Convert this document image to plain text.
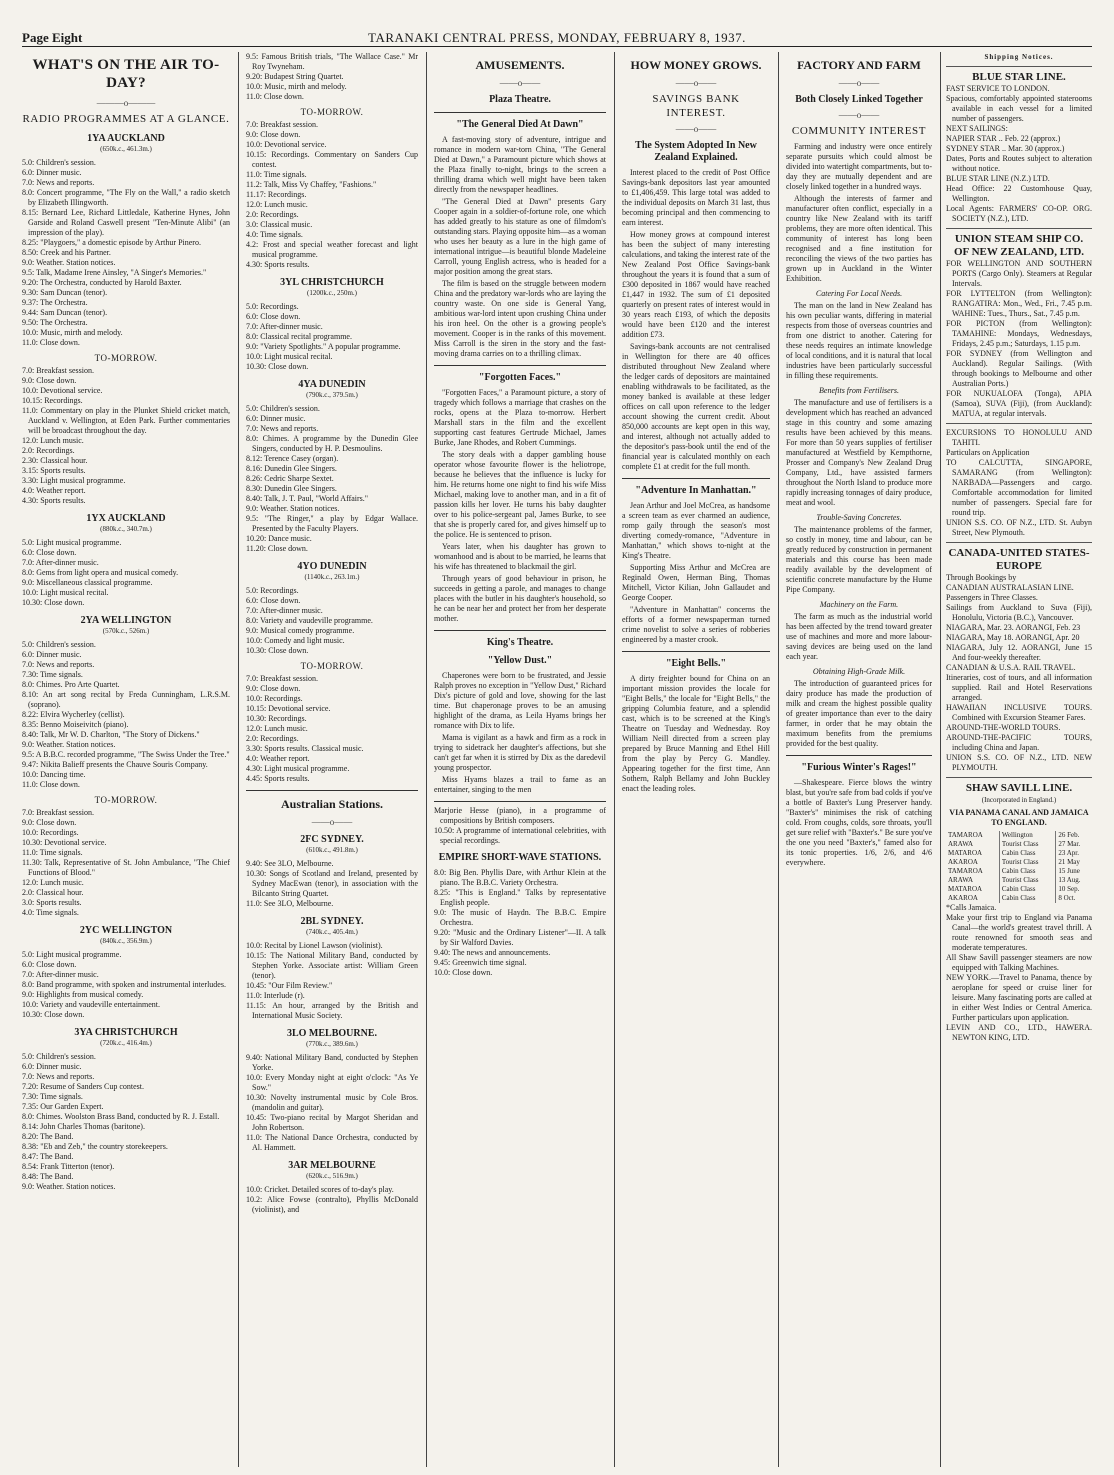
Page Eight	TARANAKI CENTRAL PRESS, MONDAY, FEBRUARY 8, 1937.
WHAT'S ON THE AIR TO-DAY?
———o———
RADIO PROGRAMMES AT A GLANCE.
1YA AUCKLAND
(650k.c., 461.3m.)
5.0: Children's session.
6.0: Dinner music.
7.0: News and reports.
8.0: Concert programme, "The Fly on the Wall," a radio sketch by Elizabeth Illingworth.
8.15: Bernard Lee, Richard Littledale, Katherine Hynes, John Garside and Roland Caswell present "Ten-Minute Alibi" (an impression of the play).
8.25: "Playgoers," a domestic episode by Arthur Pinero.
8.50: Creek and his Partner.
9.0: Weather. Station notices.
9.5: Talk, Madame Irene Ainsley, "A Singer's Memories."
9.20: The Orchestra, conducted by Harold Baxter.
9.30: Sam Duncan (tenor).
9.37: The Orchestra.
9.44: Sam Duncan (tenor).
9.50: The Orchestra.
10.0: Music, mirth and melody.
11.0: Close down.
TO-MORROW.
7.0: Breakfast session.
9.0: Close down.
10.0: Devotional service.
10.15: Recordings.
11.0: Commentary on play in the Plunket Shield cricket match, Auckland v. Wellington, at Eden Park. Further commentaries will be broadcast throughout the day.
12.0: Lunch music.
2.0: Recordings.
2.30: Classical hour.
3.15: Sports results.
3.30: Light musical programme.
4.0: Weather report.
4.30: Sports results.
1YX AUCKLAND
(880k.c., 340.7m.)
5.0: Light musical programme.
6.0: Close down.
7.0: After-dinner music.
8.0: Gems from light opera and musical comedy.
9.0: Miscellaneous classical programme.
10.0: Light musical recital.
10.30: Close down.
2YA WELLINGTON
(570k.c., 526m.)
5.0: Children's session.
6.0: Dinner music.
7.0: News and reports.
7.30: Time signals.
8.0: Chimes. Pro Arte Quartet.
8.10: An art song recital by Freda Cunningham, L.R.S.M. (soprano).
8.22: Elvira Wycherley (cellist).
8.35: Benno Moiseivitch (piano).
8.40: Talk, Mr W. D. Charlton, "The Story of Dickens."
9.0: Weather. Station notices.
9.5: A B.B.C. recorded programme, "The Swiss Under the Tree."
9.47: Nikita Balieff presents the Chauve Souris Company.
10.0: Dancing time.
11.0: Close down.
TO-MORROW.
7.0: Breakfast session.
9.0: Close down.
10.0: Recordings.
10.30: Devotional service.
11.0: Time signals.
11.30: Talk, Representative of St. John Ambulance, "The Chief Functions of Blood."
12.0: Lunch music.
2.0: Classical hour.
3.0: Sports results.
4.0: Time signals.
2YC WELLINGTON
(840k.c., 356.9m.)
5.0: Light musical programme.
6.0: Close down.
7.0: After-dinner music.
8.0: Band programme, with spoken and instrumental interludes.
9.0: Highlights from musical comedy.
10.0: Variety and vaudeville entertainment.
10.30: Close down.
3YA CHRISTCHURCH
(720k.c., 416.4m.)
5.0: Children's session.
6.0: Dinner music.
7.0: News and reports.
7.20: Resume of Sanders Cup contest.
7.30: Time signals.
7.35: Our Garden Expert.
8.0: Chimes. Woolston Brass Band, conducted by R. J. Estall.
8.14: John Charles Thomas (baritone).
8.20: The Band.
8.38: "Eb and Zeb," the country storekeepers.
8.47: The Band.
8.54: Frank Titterton (tenor).
8.48: The Band.
9.0: Weather. Station notices.
9.5: Famous British trials, "The Wallace Case." Mr Roy Twyneham.
9.20: Budapest String Quartet.
10.0: Music, mirth and melody.
11.0: Close down.
TO-MORROW.
7.0: Breakfast session.
9.0: Close down.
10.0: Devotional service.
10.15: Recordings. Commentary on Sanders Cup contest.
11.0: Time signals.
11.2: Talk, Miss Vy Chaffey, "Fashions."
11.17: Recordings.
12.0: Lunch music.
2.0: Recordings.
3.0: Classical music.
4.0: Time signals.
4.2: Frost and special weather forecast and light musical programme.
4.30: Sports results.
3YL CHRISTCHURCH
(1200k.c., 250m.)
5.0: Recordings.
6.0: Close down.
7.0: After-dinner music.
8.0: Classical recital programme.
9.0: "Variety Spotlights." A popular programme.
10.0: Light musical recital.
10.30: Close down.
4YA DUNEDIN
(790k.c., 379.5m.)
5.0: Children's session.
6.0: Dinner music.
7.0: News and reports.
8.0: Chimes. A programme by the Dunedin Glee Singers, conducted by H. P. Desmoulins.
8.12: Terence Casey (organ).
8.16: Dunedin Glee Singers.
8.26: Cedric Sharpe Sextet.
8.30: Dunedin Glee Singers.
8.40: Talk, J. T. Paul, "World Affairs."
9.0: Weather. Station notices.
9.5: "The Ringer," a play by Edgar Wallace. Presented by the Faculty Players.
10.20: Dance music.
11.20: Close down.
4YO DUNEDIN
(1140k.c., 263.1m.)
5.0: Recordings.
6.0: Close down.
7.0: After-dinner music.
8.0: Variety and vaudeville programme.
9.0: Musical comedy programme.
10.0: Comedy and light music.
10.30: Close down.
TO-MORROW.
7.0: Breakfast session.
9.0: Close down.
10.0: Recordings.
10.15: Devotional service.
10.30: Recordings.
12.0: Lunch music.
2.0: Recordings.
3.30: Sports results. Classical music.
4.0: Weather report.
4.30: Light musical programme.
4.45: Sports results.
Australian Stations.
——o——
2FC SYDNEY.
(610k.c., 491.8m.)
9.40: See 3LO, Melbourne.
10.30: Songs of Scotland and Ireland, presented by Sydney MacEwan (tenor), in association with the Bilcanto String Quartet.
11.0: See 3LO, Melbourne.
2BL SYDNEY.
(740k.c., 405.4m.)
10.0: Recital by Lionel Lawson (violinist).
10.15: The National Military Band, conducted by Stephen Yorke. Associate artist: William Green (tenor).
10.45: "Our Film Review."
11.0: Interlude (r).
11.15: An hour, arranged by the British and International Music Society.
3LO MELBOURNE.
(770k.c., 389.6m.)
9.40: National Military Band, conducted by Stephen Yorke.
10.0: Every Monday night at eight o'clock: "As Ye Sow."
10.30: Novelty instrumental music by Cole Bros. (mandolin and guitar).
10.45: Two-piano recital by Margot Sheridan and John Robertson.
11.0: The National Dance Orchestra, conducted by Al. Hammett.
3AR MELBOURNE
(620k.c., 516.9m.)
10.0: Cricket. Detailed scores of to-day's play.
10.2: Alice Fowse (contralto), Phyllis McDonald (violinist), and
AMUSEMENTS.
——o——
Plaza Theatre.
"The General Died At Dawn"
A fast-moving story of adventure, intrigue and romance in modern war-torn China, "The General Died at Dawn," a Paramount picture which shows at the Plaza finally to-night, brings to the screen a thrilling drama which well might have been taken directly from the newspaper headlines.
"The General Died at Dawn" presents Gary Cooper again in a soldier-of-fortune role, one which has added greatly to his stature as one of filmdom's outstanding stars. Playing opposite him—as a woman who uses her beauty as a lure in the high game of international intrigue—is beautiful blonde Madeleine Carroll, young English actress, who is headed for a major position among the great stars.
The film is based on the struggle between modern China and the predatory war-lords who are laying the country waste. On one side is General Yang, ambitious war-lord intent upon crushing China under his iron heel. On the other is a growing people's movement. Cooper is in the ranks of this movement. Miss Carroll is the siren in the story and the fast-moving drama carries on to a thrilling climax.
"Forgotten Faces."
"Forgotten Faces," a Paramount picture, a story of tragedy which follows a marriage that crashes on the rocks, opens at the Plaza to-morrow. Herbert Marshall stars in the film and the excellent supporting cast features Gertrude Michael, James Burke, Jane Rhodes, and Robert Cummings.
The story deals with a dapper gambling house operator whose favourite flower is the heliotrope, because he believes that the influence is lucky for him. He returns home one night to find his wife Miss Michael, making love to another man, and in a fit of passion kills her lover. He turns his baby daughter over to his police-sergeant pal, James Burke, to see that she is properly cared for, and gives himself up to the police. He is sentenced to prison.
Years later, when his daughter has grown to womanhood and is about to be married, he learns that his wife has threatened to blackmail the girl.
Through years of good behaviour in prison, he succeeds in getting a parole, and manages to change places with the butler in his daughter's household, so he can be near her and protect her from her desperate mother.
King's Theatre.
"Yellow Dust."
Chaperones were born to be frustrated, and Jessie Ralph proves no exception in "Yellow Dust," Richard Dix's picture of gold and love, showing for the last time. But chaperonage proves to be an amusing highlight of the drama, as Leila Hyams brings her romance with Dix to life.
Mama is vigilant as a hawk and firm as a rock in trying to sidetrack her daughter's affections, but she can't get far when it is stirred by Dix as the daredevil young prospector.
Miss Hyams blazes a trail to fame as an entertainer, singing to the men
Marjorie Hesse (piano), in a programme of compositions by British composers.
10.50: A programme of international celebrities, with special recordings.
EMPIRE SHORT-WAVE STATIONS.
8.0: Big Ben. Phyllis Dare, with Arthur Klein at the piano. The B.B.C. Variety Orchestra.
8.25: "This is England." Talks by representative English people.
9.0: The music of Haydn. The B.B.C. Empire Orchestra.
9.20: "Music and the Ordinary Listener"—II. A talk by Sir Walford Davies.
9.40: The news and announcements.
9.45: Greenwich time signal.
10.0: Close down.
HOW MONEY GROWS.
——o——
SAVINGS BANK INTEREST.
——o——
The System Adopted In New Zealand Explained.
Interest placed to the credit of Post Office Savings-bank depositors last year amounted to £1,406,459. This large total was added to the individual deposits on March 31 last, thus becoming principal and then commencing to earn interest.
How money grows at compound interest has been the subject of many interesting calculations, and taking the interest rate of the New Zealand Post Office Savings-bank throughout the years it is found that a sum of £300 deposited in 1867 would have reached £1,447 in 1932. The sum of £1 deposited quarterly on present rates of interest would in 30 years reach £193, of which the deposits would have been £120 and the interest addition £73.
Savings-bank accounts are not centralised in Wellington for there are 40 offices distributed throughout New Zealand where the ledger cards of depositors are maintained enabling withdrawals to be facilitated, as the money banked is available at these ledger offices on call upon reference to the ledger account showing the current credit. About 850,000 accounts are kept open in this way, and interest, although not actually added to the depositor's pass-book until the end of the financial year is calculated monthly on each complete £1 at credit for the full month.
"Adventure In Manhattan."
Jean Arthur and Joel McCrea, as handsome a screen team as ever charmed an audience, romp gaily through the season's most diverting comedy-romance, "Adventure in Manhattan," which shows to-night at the King's Theatre.
Supporting Miss Arthur and McCrea are Reginald Owen, Herman Bing, Thomas Mitchell, Victor Kilian, John Gallaudet and George Cooper.
"Adventure in Manhattan" concerns the efforts of a former newspaperman turned crime novelist to solve a series of robberies engineered by a master crook.
"Eight Bells."
A dirty freighter bound for China on an important mission provides the locale for "Eight Bells," the locale for "Eight Bells," the gripping Columbia feature, and a splendid cast, which is to be screened at the King's Theatre on Tuesday and Wednesday. Roy William Neill directed from a screen play prepared by Bruce Manning and Ethel Hill from the play by Percy G. Mandley. Appearing together for the first time, Ann Sothern, Ralph Bellamy and John Buckley enact the leading roles.
FACTORY AND FARM
——o——
Both Closely Linked Together
——o——
COMMUNITY INTEREST
Farming and industry were once entirely separate pursuits which could almost be divided into watertight compartments, but to-day they are mutually dependent and are closely linked together in a hundred ways.
Although the interests of farmer and manufacturer often conflict, especially in a country like New Zealand with its tariff problems, they are more often identical. This community of interest has long been recognised and a fine institution for reconciling the views of the two parties has grown up in Auckland in the Winter Exhibition.
Catering For Local Needs.
The man on the land in New Zealand has his own peculiar wants, differing in material respects from those of overseas countries and from one district to another. Catering for these needs requires an intimate knowledge of local conditions, and it is natural that local industries have been particularly successful in filling these requirements.
Benefits from Fertilisers.
The manufacture and use of fertilisers is a development which has reached an advanced stage in this country and some amazing results have been achieved by this means. For more than 50 years supplies of fertiliser manufactured at Westfield by Kempthorne, Prosser and Company's New Zealand Drug Company, Ltd., have assisted farmers throughout the North Island to produce more rapidly increasing tonnages of dairy produce, meat and wool.
Trouble-Saving Concretes.
The maintenance problems of the farmer, so costly in money, time and labour, can be greatly reduced by construction in permanent materials and this course has been made readily available by the development of scientific concrete manufacture by the Hume Pipe Company.
Machinery on the Farm.
The farm as much as the industrial world has been affected by the trend toward greater use of machines and more and more labour-saving devices are being used on the land each year.
Obtaining High-Grade Milk.
The introduction of guaranteed prices for dairy produce has made the production of milk and cream the highest possible quality of greater importance than ever to the dairy farmer, in order that he may obtain the maximum benefits from the premiums provided for the best quality.
"Furious Winter's Rages!"
—Shakespeare. Fierce blows the wintry blast, but you're safe from bad colds if you've a bottle of Baxter's Lung Preserver handy. "Baxter's" minimises the risk of catching cold. From coughs, colds, sore throats, you'll get sure relief with "Baxter's." Be sure you've the one you need "Baxter's," famed also for its tonic properties. 1/6, 2/6, and 4/6 everywhere.
Shipping Notices.
BLUE STAR LINE.
FAST SERVICE TO LONDON.
Spacious, comfortably appointed staterooms available in each vessel for a limited number of passengers.
NEXT SAILINGS:
NAPIER STAR .. Feb. 22 (approx.)
SYDNEY STAR .. Mar. 30 (approx.)
Dates, Ports and Routes subject to alteration without notice.
BLUE STAR LINE (N.Z.) LTD.
Head Office: 22 Customhouse Quay, Wellington.
Local Agents: FARMERS' CO-OP. ORG. SOCIETY (N.Z.), LTD.
UNION STEAM SHIP CO. OF NEW ZEALAND, LTD.
FOR WELLINGTON AND SOUTHERN PORTS (Cargo Only). Steamers at Regular Intervals.
FOR LYTTELTON (from Wellington): RANGATIRA: Mon., Wed., Fri., 7.45 p.m. WAHINE: Tues., Thurs., Sat., 7.45 p.m.
FOR PICTON (from Wellington): TAMAHINE: Mondays, Wednesdays, Fridays, 2.45 p.m.; Saturdays, 1.15 p.m.
FOR SYDNEY (from Wellington and Auckland). Regular Sailings. (With through bookings to Melbourne and other Australian Ports.)
FOR NUKUALOFA (Tonga), APIA (Samoa), SUVA (Fiji), (from Auckland): MATUA, at regular intervals.
EXCURSIONS TO HONOLULU AND TAHITI.
Particulars on Application
TO CALCUTTA, SINGAPORE, SAMARANG (from Wellington): NARBADA—Passengers and cargo. Comfortable accommodation for limited number of passengers. Special fare for round trip.
UNION S.S. CO. OF N.Z., LTD. St. Aubyn Street, New Plymouth.
CANADA-UNITED STATES-EUROPE
Through Bookings by
CANADIAN AUSTRALASIAN LINE.
Passengers in Three Classes.
Sailings from Auckland to Suva (Fiji), Honolulu, Victoria (B.C.), Vancouver.
NIAGARA, Mar. 23. AORANGI, Feb. 23
NIAGARA, May 18. AORANGI, Apr. 20
NIAGARA, July 12. AORANGI, June 15 And four-weekly thereafter.
CANADIAN & U.S.A. RAIL TRAVEL.
Itineraries, cost of tours, and all information supplied. Rail and Hotel Reservations arranged.
HAWAIIAN INCLUSIVE TOURS. Combined with Excursion Steamer Fares.
AROUND-THE-WORLD TOURS.
AROUND-THE-PACIFIC TOURS, including China and Japan.
UNION S.S. CO. OF N.Z., LTD. NEW PLYMOUTH.
SHAW SAVILL LINE.
(Incorporated in England.)
VIA PANAMA CANAL AND JAMAICA TO ENGLAND.
TAMAROA	Wellington	26 Feb.
ARAWA	Tourist Class	27 Mar.
MATAROA	Cabin Class	23 Apr.
AKAROA	Tourist Class	21 May
TAMAROA	Cabin Class	15 June
ARAWA	Tourist Class	13 Aug.
MATAROA	Cabin Class	10 Sep.
AKAROA	Cabin Class	8 Oct.
*Calls Jamaica.
Make your first trip to England via Panama Canal—the world's greatest travel thrill. A route renowned for smooth seas and moderate temperatures.
All Shaw Savill passenger steamers are now equipped with Talking Machines.
NEW YORK.—Travel to Panama, thence by aeroplane for speed or cruise liner for leisure. Many fascinating ports are called at in either West Indies or Central America. Further particulars upon application.
LEVIN AND CO., LTD., HAWERA. NEWTON KING, LTD.
